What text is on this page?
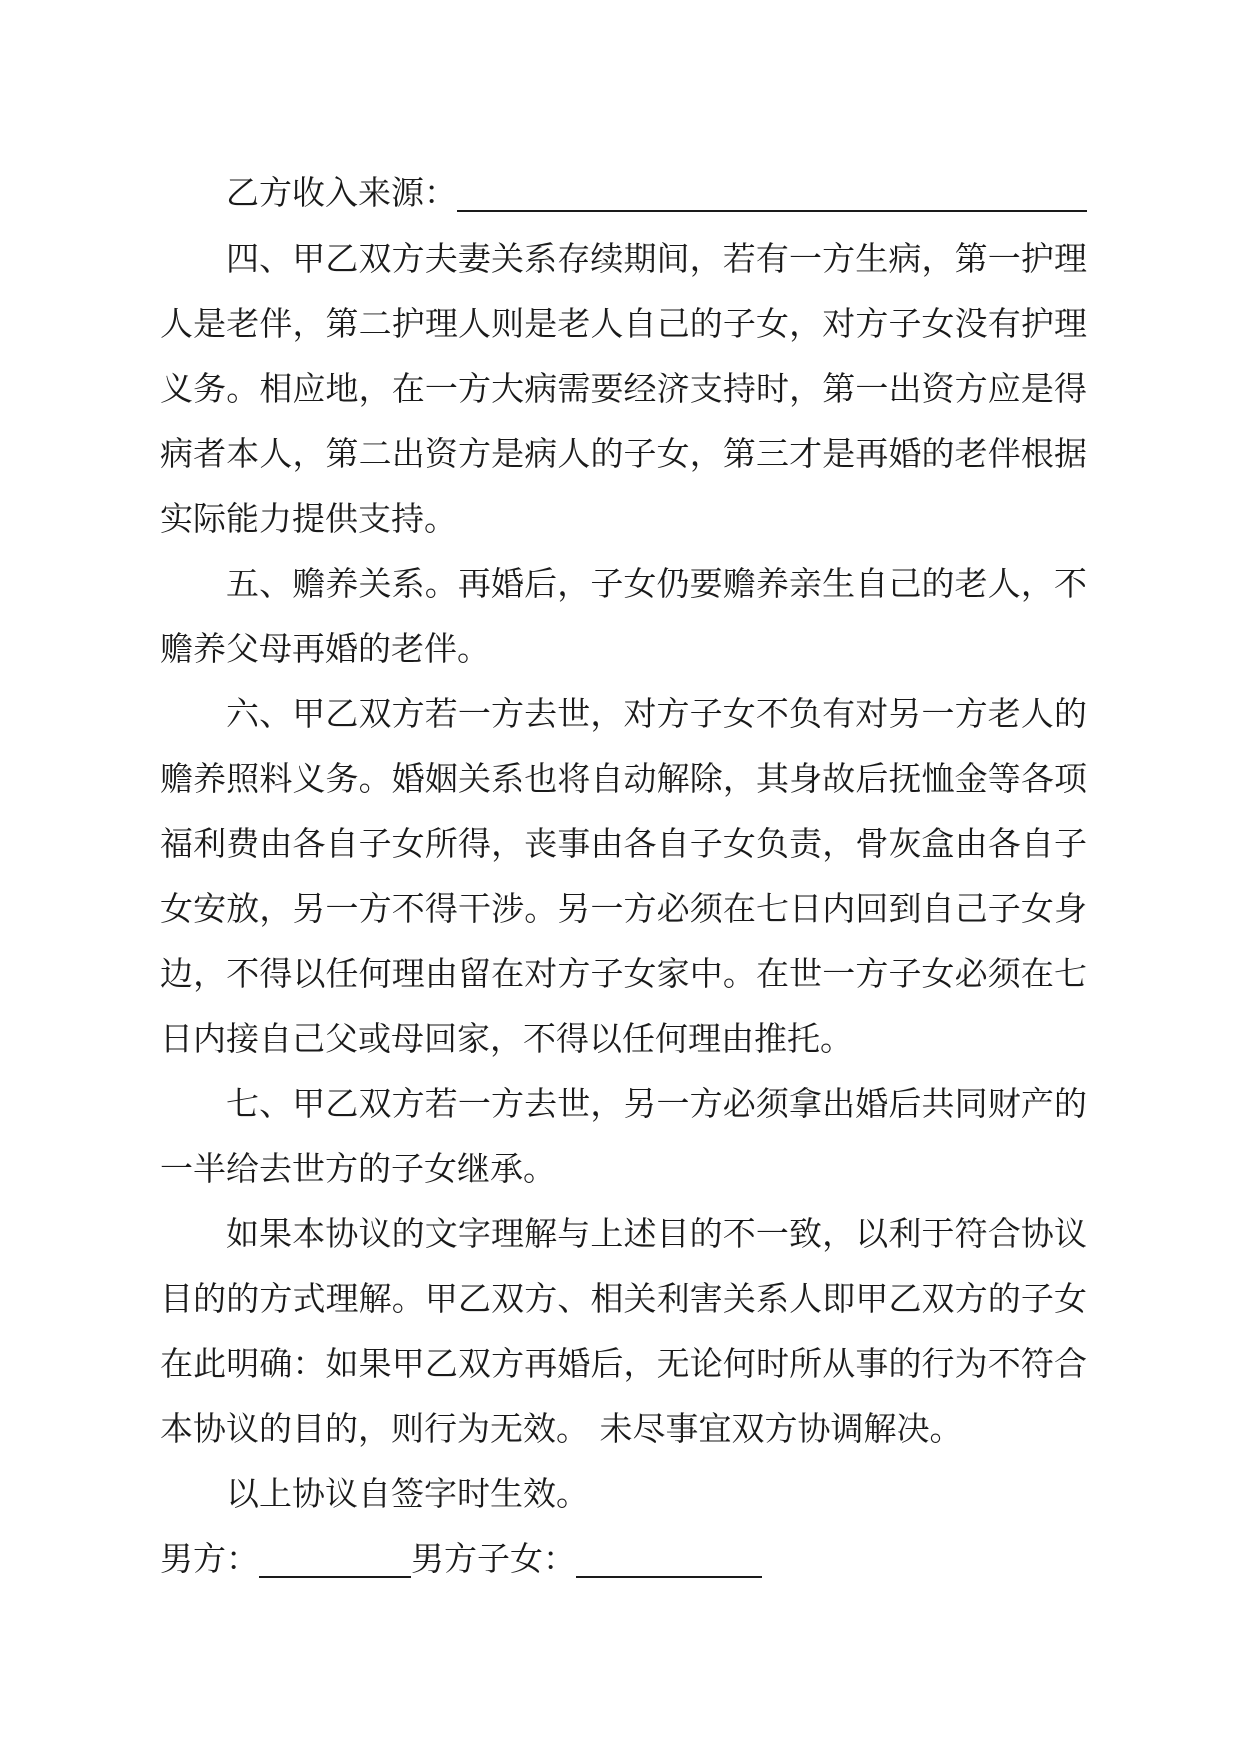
乙方收入来源：

四、甲乙双方夫妻关系存续期间，若有一方生病，第一护理人是老伴，第二护理人则是老人自己的子女，对方子女没有护理义务。相应地，在一方大病需要经济支持时，第一出资方应是得病者本人，第二出资方是病人的子女，第三才是再婚的老伴根据实际能力提供支持。

五、赡养关系。再婚后，子女仍要赡养亲生自己的老人，不赡养父母再婚的老伴。

六、甲乙双方若一方去世，对方子女不负有对另一方老人的赡养照料义务。婚姻关系也将自动解除，其身故后抚恤金等各项福利费由各自子女所得，丧事由各自子女负责，骨灰盒由各自子女安放，另一方不得干涉。另一方必须在七日内回到自己子女身边，不得以任何理由留在对方子女家中。在世一方子女必须在七日内接自己父或母回家，不得以任何理由推托。

七、甲乙双方若一方去世，另一方必须拿出婚后共同财产的一半给去世方的子女继承。

如果本协议的文字理解与上述目的不一致，以利于符合协议目的的方式理解。甲乙双方、相关利害关系人即甲乙双方的子女在此明确：如果甲乙双方再婚后，无论何时所从事的行为不符合本协议的目的，则行为无效。 未尽事宜双方协调解决。

以上协议自签字时生效。

男方：	男方子女：
